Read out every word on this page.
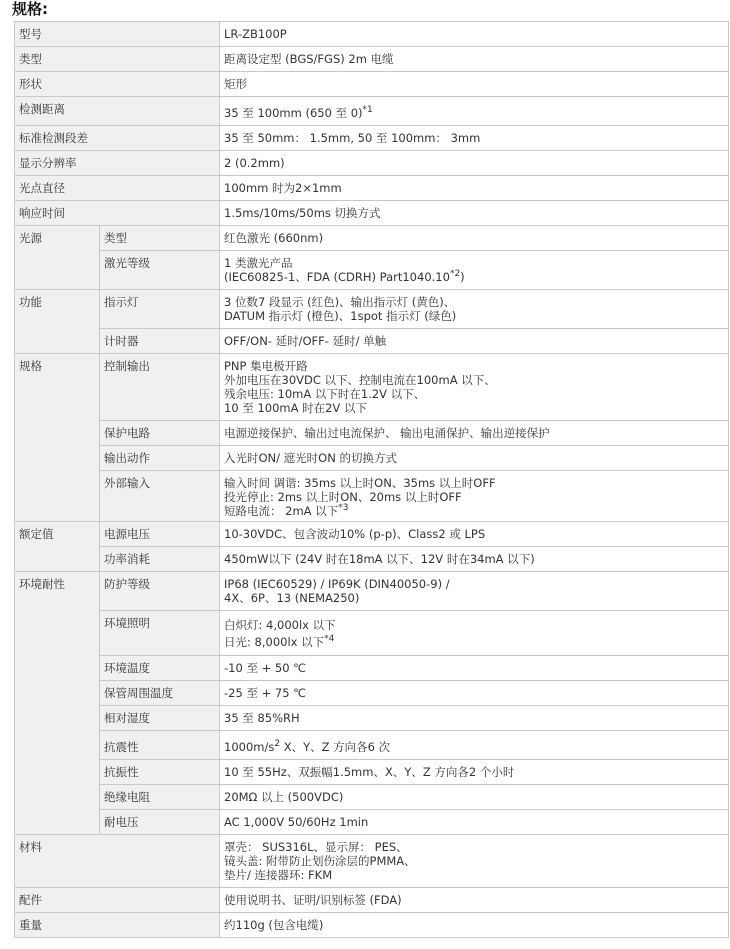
规格:
型号		LR-ZB100P
类型		距离设定型 (BGS/FGS) 2m 电缆
形状		矩形
检测距离		35 至 100mm (650 至 0)$^{*1}$
标准检测段差		35 至 50mm： 1.5mm, 50 至 100mm： 3mm
显示分辨率		2 (0.2mm)
光点直径		100mm 时为2×1mm
响应时间		1.5ms/10ms/50ms 切换方式
光源	类型	红色激光 (660nm)
	激光等级	1 类激光产品
(IEC60825-1、FDA (CDRH) Part1040.10$^{*2}$)

功能	指示灯	3 位数7 段显示 (红色)、输出指示灯 (黄色)、
DATUM 指示灯 (橙色)、1spot 指示灯 (绿色)

	计时器	OFF/ON- 延时/OFF- 延时/ 单触
规格	控制输出	PNP 集电极开路
外加电压在30VDC 以下、控制电流在100mA 以下、
残余电压: 10mA 以下时在1.2V 以下、
10 至 100mA 时在2V 以下

	保护电路	电源逆接保护、输出过电流保护、 输出电涌保护、输出逆接保护
	输出动作	入光时ON/ 遮光时ON 的切换方式
	外部输入	输入时间 调谐: 35ms 以上时ON、35ms 以上时OFF
投光停止: 2ms 以上时ON、20ms 以上时OFF
短路电流： 2mA 以下$^{*3}$

额定值	电源电压	10-30VDC、包含波动10% (p-p)、Class2 或 LPS
	功率消耗	450mW以下 (24V 时在18mA 以下、12V 时在34mA 以下)
环境耐性	防护等级	IP68 (IEC60529) / IP69K (DIN40050-9) /
4X、6P、13 (NEMA250)

	环境照明	白炽灯: 4,000lx 以下
日光: 8,000lx 以下$^{*4}$

	环境温度	-10 至 + 50 ℃
	保管周围温度	-25 至 + 75 ℃
	相对湿度	35 至 85%RH
	抗震性	$1000m/s^2$ X、Y、Z 方向各6 次
	抗振性	10 至 55Hz、双振幅1.5mm、X、Y、Z 方向各2 个小时
	绝缘电阻	20MΩ 以上 (500VDC)
	耐电压	AC 1,000V 50/60Hz 1min
材料		罩壳： SUS316L、显示屏： PES、
镜头盖: 附带防止划伤涂层的PMMA、
垫片/ 连接器环: FKM

配件		使用说明书、证明/识别标签 (FDA)
重量		约110g (包含电缆)
